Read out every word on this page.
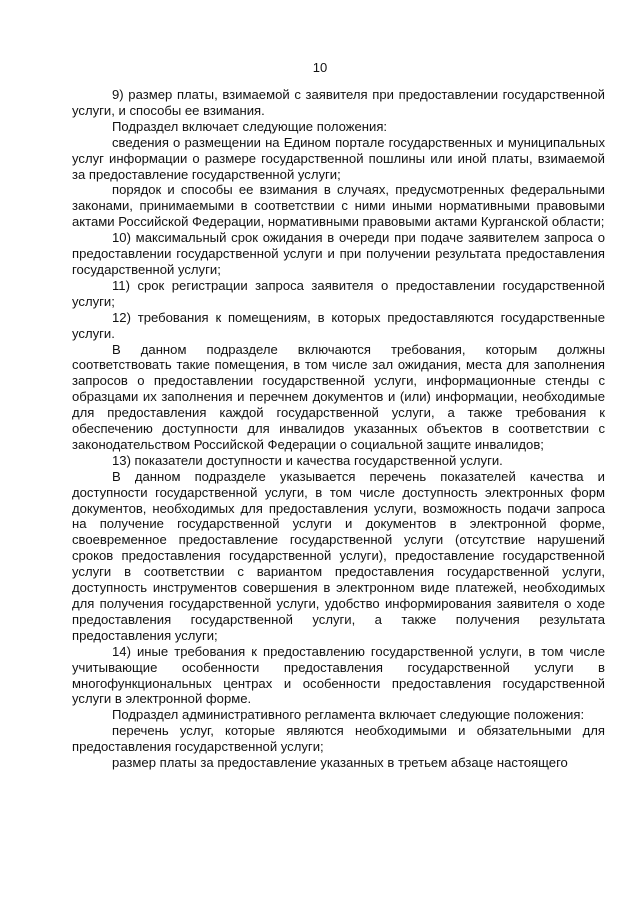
10

9) размер платы, взимаемой с заявителя при предоставлении государственной услуги, и способы ее взимания.

Подраздел включает следующие положения:

сведения о размещении на Едином портале государственных и муниципальных услуг информации о размере государственной пошлины или иной платы, взимаемой за предоставление государственной услуги;

порядок и способы ее взимания в случаях, предусмотренных федеральными законами, принимаемыми в соответствии с ними иными нормативными правовыми актами Российской Федерации, нормативными правовыми актами Курганской области;

10) максимальный срок ожидания в очереди при подаче заявителем запроса о предоставлении государственной услуги и при получении результата предоставления государственной услуги;

11) срок регистрации запроса заявителя о предоставлении государственной услуги;

12) требования к помещениям, в которых предоставляются государственные услуги.

В данном подразделе включаются требования, которым должны соответствовать такие помещения, в том числе зал ожидания, места для заполнения запросов о предоставлении государственной услуги, информационные стенды с образцами их заполнения и перечнем документов и (или) информации, необходимые для предоставления каждой государственной услуги, а также требования к обеспечению доступности для инвалидов указанных объектов в соответствии с законодательством Российской Федерации о социальной защите инвалидов;

13) показатели доступности и качества государственной услуги.

В данном подразделе указывается перечень показателей качества и доступности государственной услуги, в том числе доступность электронных форм документов, необходимых для предоставления услуги, возможность подачи запроса на получение государственной услуги и документов в электронной форме, своевременное предоставление государственной услуги (отсутствие нарушений сроков предоставления государственной услуги), предоставление государственной услуги в соответствии с вариантом предоставления государственной услуги, доступность инструментов совершения в электронном виде платежей, необходимых для получения государственной услуги, удобство информирования заявителя о ходе предоставления государственной услуги, а также получения результата предоставления услуги;

14) иные требования к предоставлению государственной услуги, в том числе учитывающие особенности предоставления государственной услуги в многофункциональных центрах и особенности предоставления государственной услуги в электронной форме.

Подраздел административного регламента включает следующие положения:

перечень услуг, которые являются необходимыми и обязательными для предоставления государственной услуги;

размер платы за предоставление указанных в третьем абзаце настоящего
